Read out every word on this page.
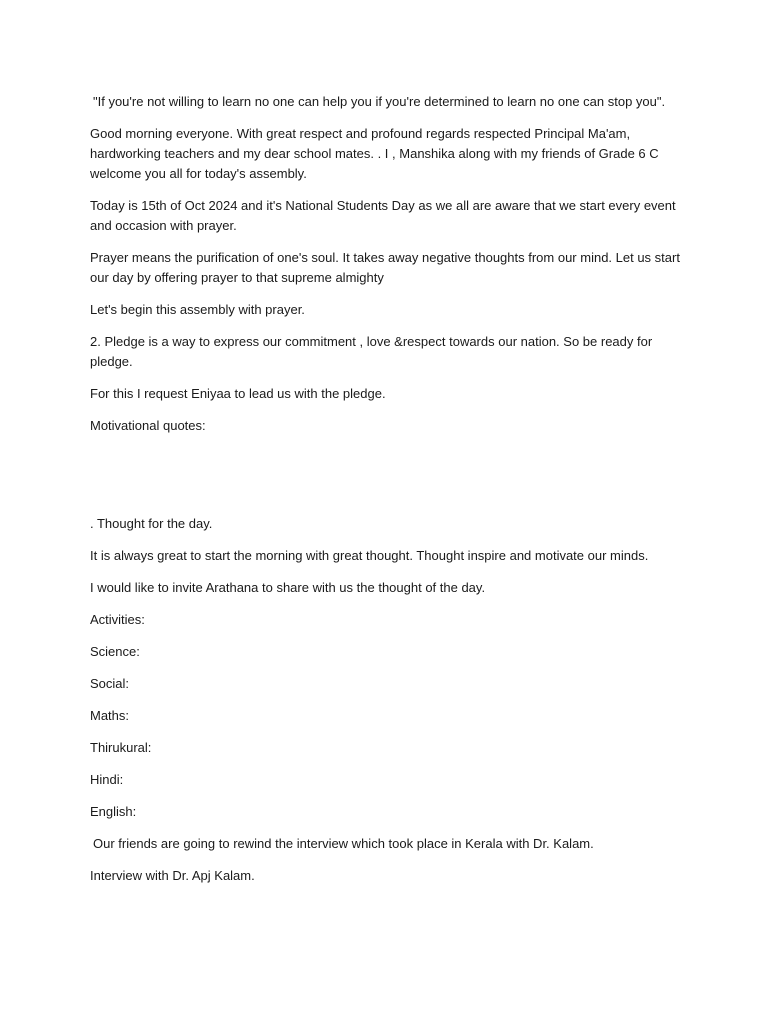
"If you're not willing to learn no one can help you if you're determined to learn no one can stop you".

Good morning everyone. With great respect and profound regards respected Principal Ma'am, hardworking teachers and my dear school mates. . I , Manshika along with my friends of Grade 6 C welcome you all for today's assembly.

Today is 15th of Oct 2024 and it's National Students Day as we all are aware that we start every event and occasion with prayer.

Prayer means the purification of one's soul. It takes away negative thoughts from our mind. Let us start our day by offering prayer to that supreme almighty

Let's begin this assembly with prayer.

2. Pledge is a way to express our commitment , love &respect towards our nation. So be ready for pledge.

For this I request Eniyaa to lead us with the pledge.

Motivational quotes:

. Thought for the day.

It is always great to start the morning with great thought. Thought inspire and motivate our minds.

I would like to invite Arathana to share with us the thought of the day.

Activities:

Science:

Social:

Maths:

Thirukural:

Hindi:

English:

Our friends are going to rewind the interview which took place in Kerala with Dr. Kalam.

Interview with Dr. Apj Kalam.
